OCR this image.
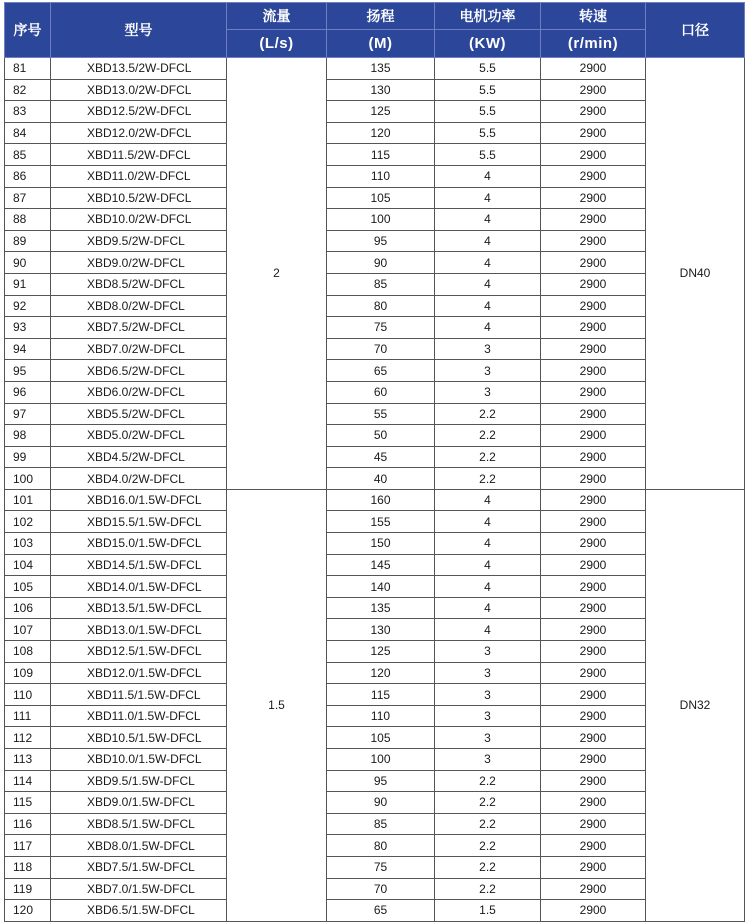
序号	型号	流量	扬程	电机功率	转速	口径
		(L/s)	(M)	(KW)	(r/min)	
81	XBD13.5/2W-DFCL	2	135	5.5	2900	DN40
82	XBD13.0/2W-DFCL		130	5.5	2900	
83	XBD12.5/2W-DFCL		125	5.5	2900	
84	XBD12.0/2W-DFCL		120	5.5	2900	
85	XBD11.5/2W-DFCL		115	5.5	2900	
86	XBD11.0/2W-DFCL		110	4	2900	
87	XBD10.5/2W-DFCL		105	4	2900	
88	XBD10.0/2W-DFCL		100	4	2900	
89	XBD9.5/2W-DFCL		95	4	2900	
90	XBD9.0/2W-DFCL		90	4	2900	
91	XBD8.5/2W-DFCL		85	4	2900	
92	XBD8.0/2W-DFCL		80	4	2900	
93	XBD7.5/2W-DFCL		75	4	2900	
94	XBD7.0/2W-DFCL		70	3	2900	
95	XBD6.5/2W-DFCL		65	3	2900	
96	XBD6.0/2W-DFCL		60	3	2900	
97	XBD5.5/2W-DFCL		55	2.2	2900	
98	XBD5.0/2W-DFCL		50	2.2	2900	
99	XBD4.5/2W-DFCL		45	2.2	2900	
100	XBD4.0/2W-DFCL		40	2.2	2900	
101	XBD16.0/1.5W-DFCL	1.5	160	4	2900	DN32
102	XBD15.5/1.5W-DFCL		155	4	2900	
103	XBD15.0/1.5W-DFCL		150	4	2900	
104	XBD14.5/1.5W-DFCL		145	4	2900	
105	XBD14.0/1.5W-DFCL		140	4	2900	
106	XBD13.5/1.5W-DFCL		135	4	2900	
107	XBD13.0/1.5W-DFCL		130	4	2900	
108	XBD12.5/1.5W-DFCL		125	3	2900	
109	XBD12.0/1.5W-DFCL		120	3	2900	
110	XBD11.5/1.5W-DFCL		115	3	2900	
111	XBD11.0/1.5W-DFCL		110	3	2900	
112	XBD10.5/1.5W-DFCL		105	3	2900	
113	XBD10.0/1.5W-DFCL		100	3	2900	
114	XBD9.5/1.5W-DFCL		95	2.2	2900	
115	XBD9.0/1.5W-DFCL		90	2.2	2900	
116	XBD8.5/1.5W-DFCL		85	2.2	2900	
117	XBD8.0/1.5W-DFCL		80	2.2	2900	
118	XBD7.5/1.5W-DFCL		75	2.2	2900	
119	XBD7.0/1.5W-DFCL		70	2.2	2900	
120	XBD6.5/1.5W-DFCL		65	1.5	2900	
